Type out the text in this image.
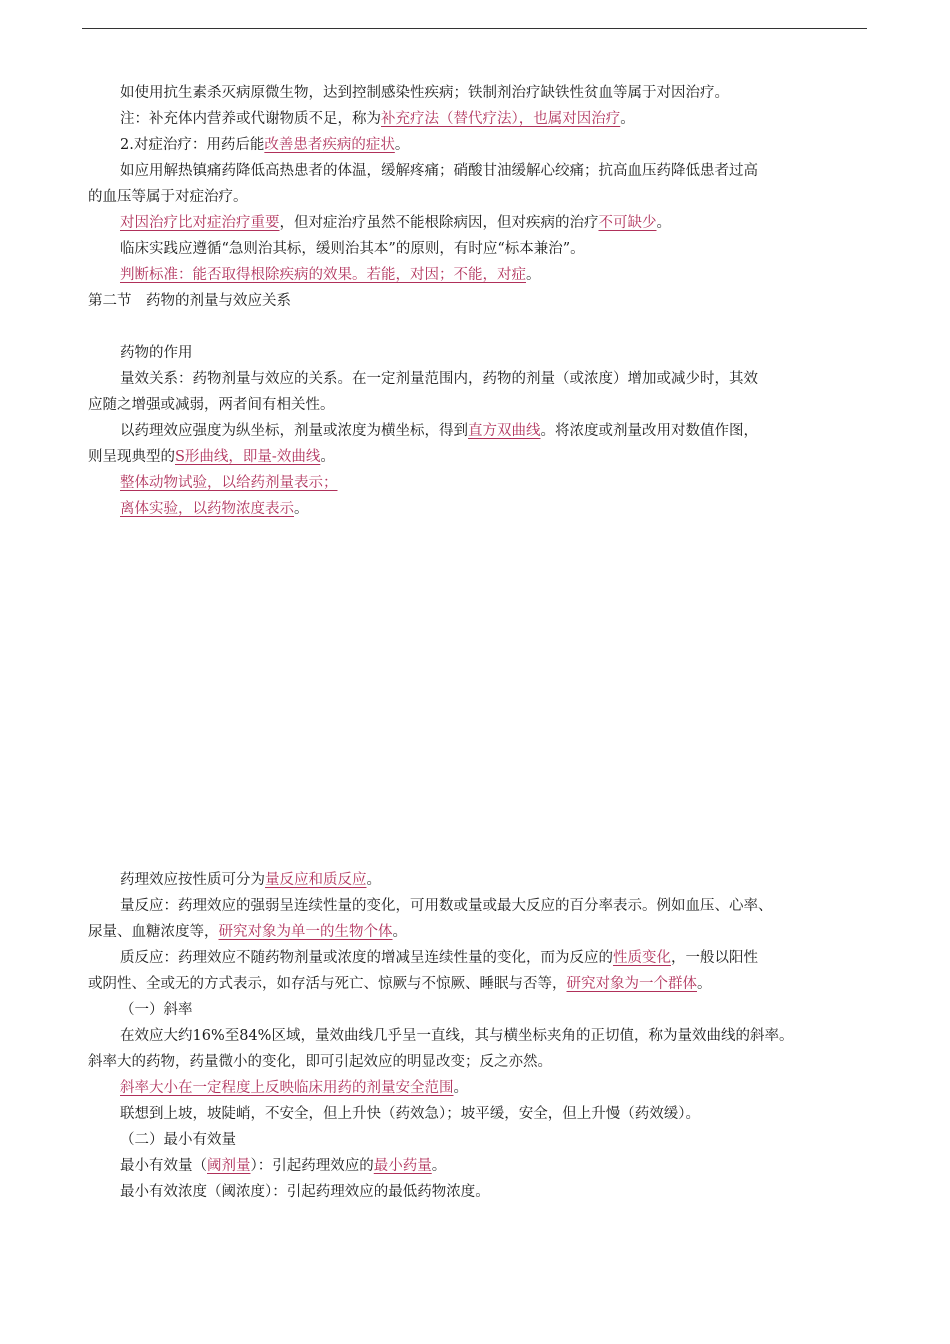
如使用抗生素杀灭病原微生物，达到控制感染性疾病；铁制剂治疗缺铁性贫血等属于对因治疗。

注：补充体内营养或代谢物质不足，称为补充疗法（替代疗法），也属对因治疗。

2.对症治疗：用药后能改善患者疾病的症状。

如应用解热镇痛药降低高热患者的体温，缓解疼痛；硝酸甘油缓解心绞痛；抗高血压药降低患者过高

的血压等属于对症治疗。

对因治疗比对症治疗重要，但对症治疗虽然不能根除病因，但对疾病的治疗不可缺少。

临床实践应遵循“急则治其标，缓则治其本”的原则，有时应“标本兼治”。

判断标准：能否取得根除疾病的效果。若能，对因；不能，对症。

第二节　药物的剂量与效应关系

药物的作用

量效关系：药物剂量与效应的关系。在一定剂量范围内，药物的剂量（或浓度）增加或减少时，其效

应随之增强或减弱，两者间有相关性。

以药理效应强度为纵坐标，剂量或浓度为横坐标，得到直方双曲线。将浓度或剂量改用对数值作图，

则呈现典型的S形曲线，即量-效曲线。

整体动物试验，以给药剂量表示；

离体实验，以药物浓度表示。

药理效应按性质可分为量反应和质反应。

量反应：药理效应的强弱呈连续性量的变化，可用数或量或最大反应的百分率表示。例如血压、心率、

尿量、血糖浓度等，研究对象为单一的生物个体。

质反应：药理效应不随药物剂量或浓度的增减呈连续性量的变化，而为反应的性质变化，一般以阳性

或阴性、全或无的方式表示，如存活与死亡、惊厥与不惊厥、睡眠与否等，研究对象为一个群体。

（一）斜率

在效应大约16%至84%区域，量效曲线几乎呈一直线，其与横坐标夹角的正切值，称为量效曲线的斜率。

斜率大的药物，药量微小的变化，即可引起效应的明显改变；反之亦然。

斜率大小在一定程度上反映临床用药的剂量安全范围。

联想到上坡，坡陡峭，不安全，但上升快（药效急）；坡平缓，安全，但上升慢（药效缓）。

（二）最小有效量

最小有效量（阈剂量）：引起药理效应的最小药量。

最小有效浓度（阈浓度）：引起药理效应的最低药物浓度。
